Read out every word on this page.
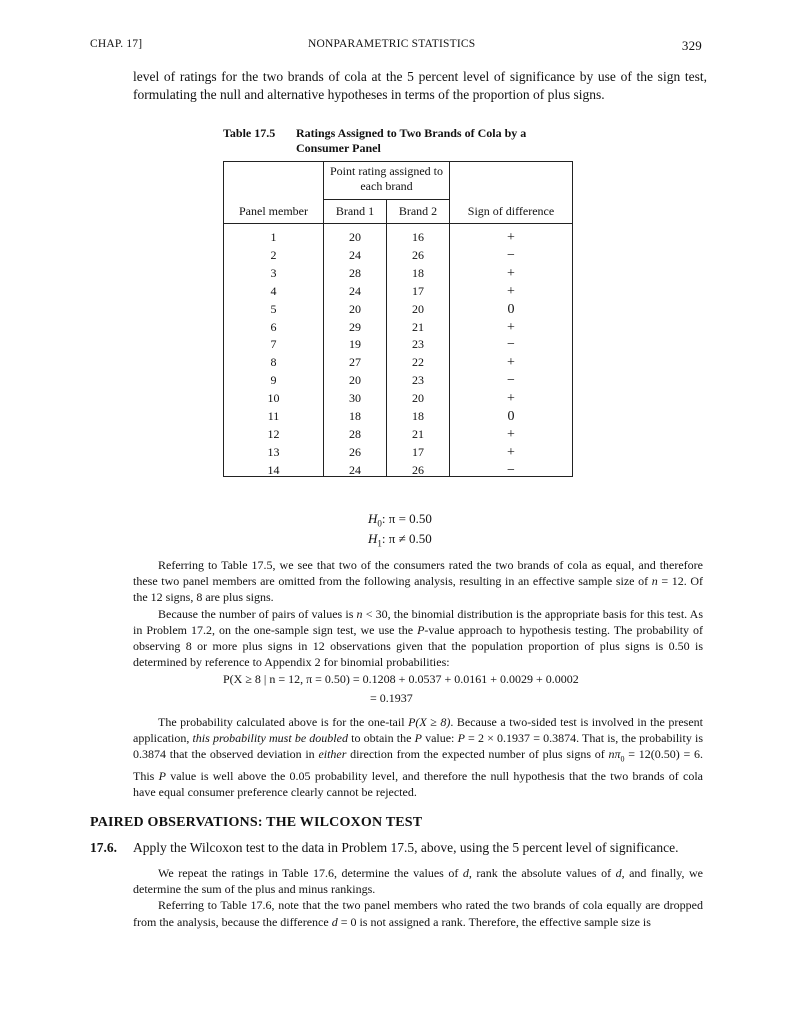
CHAP. 17]	NONPARAMETRIC STATISTICS	329
level of ratings for the two brands of cola at the 5 percent level of significance by use of the sign test, formulating the null and alternative hypotheses in terms of the proportion of plus signs.
Table 17.5 Ratings Assigned to Two Brands of Cola by a Consumer Panel
Point rating assigned to each brand
Panel member	Brand 1	Brand 2	Sign of difference
1	20	16	+
2	24	26	−
3	28	18	+
4	24	17	+
5	20	20	0
6	29	21	+
7	19	23	−
8	27	22	+
9	20	23	−
10	30	20	+
11	18	18	0
12	28	21	+
13	26	17	+
14	24	26	−
$H_0$: π = 0.50
$H_1$: π ≠ 0.50

Referring to Table 17.5, we see that two of the consumers rated the two brands of cola as equal, and therefore these two panel members are omitted from the following analysis, resulting in an effective sample size of n = 12. Of the 12 signs, 8 are plus signs.

Because the number of pairs of values is n < 30, the binomial distribution is the appropriate basis for this test. As in Problem 17.2, on the one-sample sign test, we use the P-value approach to hypothesis testing. The probability of observing 8 or more plus signs in 12 observations given that the population proportion of plus signs is 0.50 is determined by reference to Appendix 2 for binomial probabilities:

P(X ≥ 8 | n = 12, π = 0.50) = 0.1208 + 0.0537 + 0.0161 + 0.0029 + 0.0002
= 0.1937

The probability calculated above is for the one-tail P(X ≥ 8). Because a two-sided test is involved in the present application, this probability must be doubled to obtain the P value: P = 2 × 0.1937 = 0.3874. That is, the probability is 0.3874 that the observed deviation in either direction from the expected number of plus signs of $n\pi_0 = 12(0.50) = 6$. This P value is well above the 0.05 probability level, and therefore the null hypothesis that the two brands of cola have equal consumer preference clearly cannot be rejected.

PAIRED OBSERVATIONS: THE WILCOXON TEST
17.6. Apply the Wilcoxon test to the data in Problem 17.5, above, using the 5 percent level of significance.

We repeat the ratings in Table 17.6, determine the values of d, rank the absolute values of d, and finally, we determine the sum of the plus and minus rankings.

Referring to Table 17.6, note that the two panel members who rated the two brands of cola equally are dropped from the analysis, because the difference d = 0 is not assigned a rank. Therefore, the effective sample size is
